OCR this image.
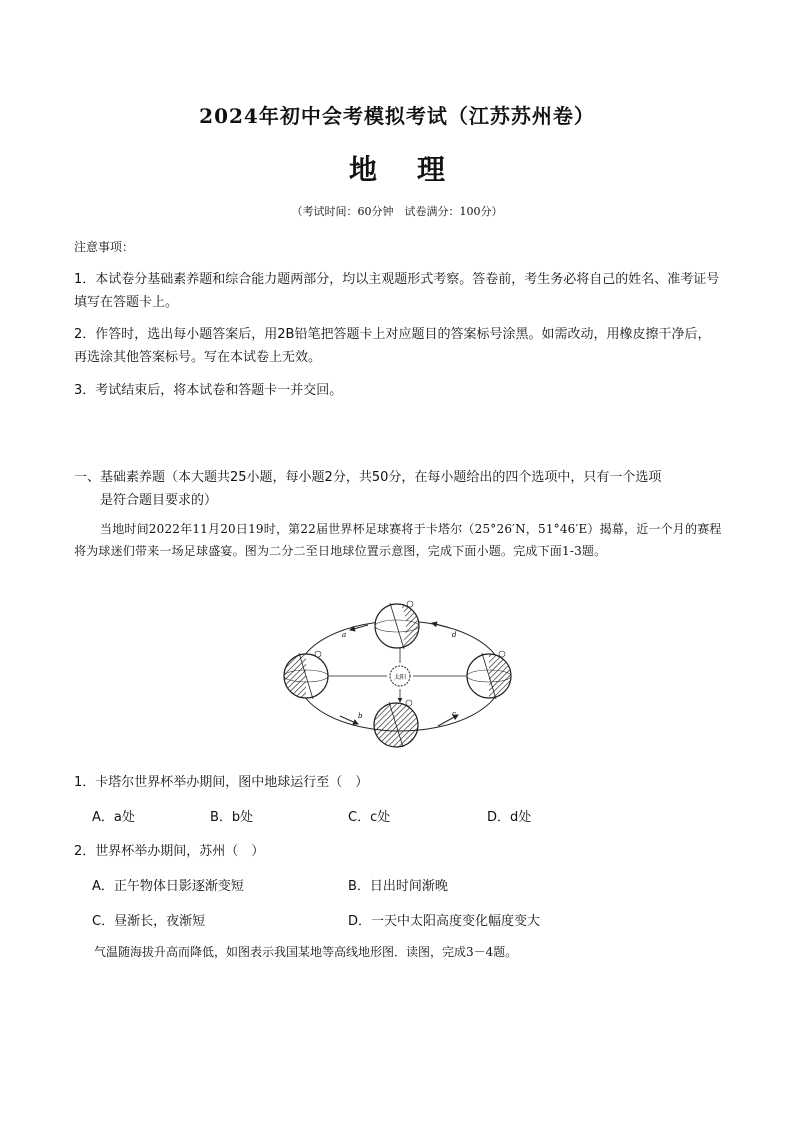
2024年初中会考模拟考试（江苏苏州卷）
地 理
（考试时间：60分钟　试卷满分：100分）
注意事项：
1．本试卷分基础素养题和综合能力题两部分，均以主观题形式考察。答卷前，考生务必将自己的姓名、准考证号填写在答题卡上。
2．作答时，选出每小题答案后，用2B铅笔把答题卡上对应题目的答案标号涂黑。如需改动，用橡皮擦干净后，再选涂其他答案标号。写在本试卷上无效。
3．考试结束后，将本试卷和答题卡一并交回。
一、基础素养题（本大题共25小题，每小题2分，共50分，在每小题给出的四个选项中，只有一个选项
是符合题目要求的）
当地时间2022年11月20日19时，第22届世界杯足球赛将于卡塔尔（25°26′N，51°46′E）揭幕，近一个月的赛程将为球迷们带来一场足球盛宴。图为二分二至日地球位置示意图，完成下面小题。完成下面1-3题。
太阳
a	d
b	c
1．卡塔尔世界杯举办期间，图中地球运行至（　）
A．a处	B．b处	C．c处	D．d处
2．世界杯举办期间，苏州（　）
A．正午物体日影逐渐变短	B．日出时间渐晚
C．昼渐长，夜渐短	D．一天中太阳高度变化幅度变大
气温随海拔升高而降低，如图表示我国某地等高线地形图．读图，完成3－4题。
